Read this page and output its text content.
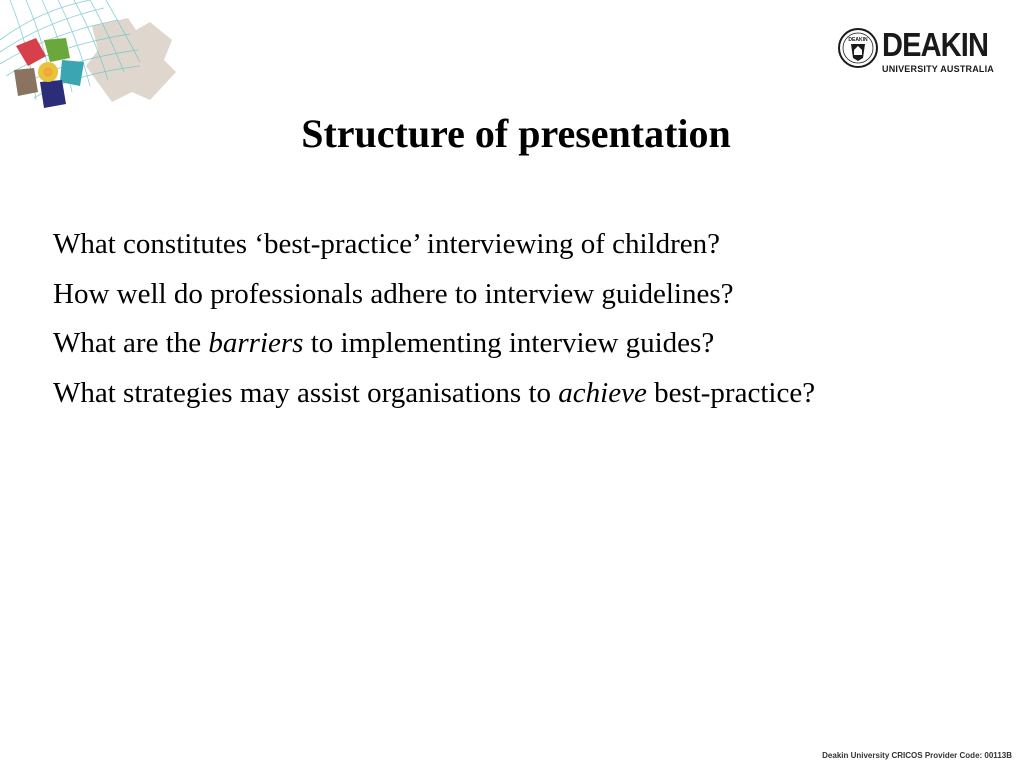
DEAKIN DEAKIN
UNIVERSITY AUSTRALIA
Structure of presentation
What constitutes ‘best-practice’ interviewing of children?
How well do professionals adhere to interview guidelines?
What are the barriers to implementing interview guides?
What strategies may assist organisations to achieve best-practice?
Deakin University CRICOS Provider Code: 00113B
